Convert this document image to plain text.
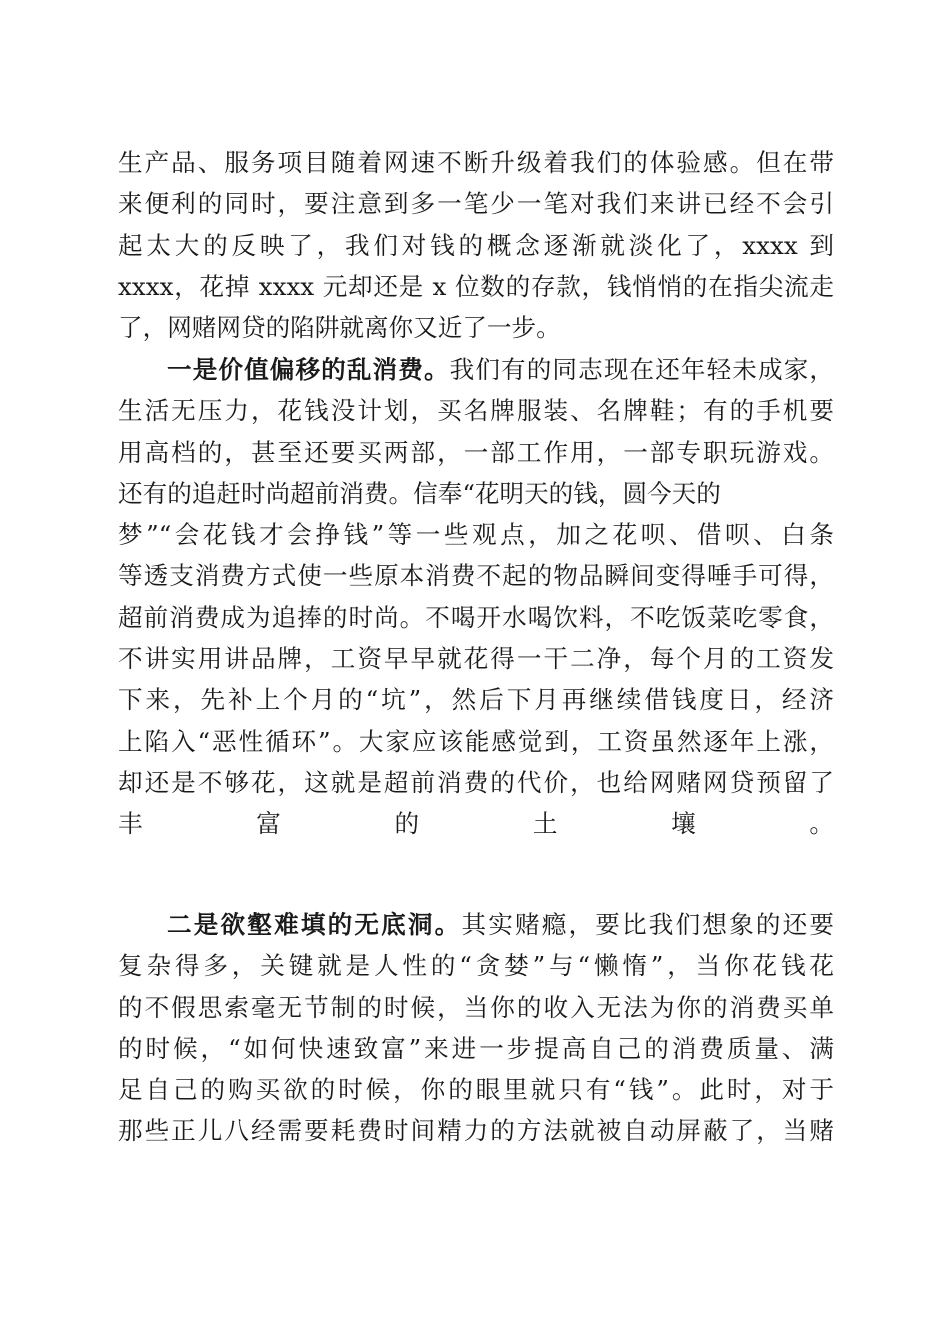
生产品、服务项目随着网速不断升级着我们的体验感。但在带
来便利的同时，要注意到多一笔少一笔对我们来讲已经不会引
起太大的反映了，我们对钱的概念逐渐就淡化了，xxxx 到
xxxx，花掉 xxxx 元却还是 x 位数的存款，钱悄悄的在指尖流走
了，网赌网贷的陷阱就离你又近了一步。
一是价值偏移的乱消费。我们有的同志现在还年轻未成家，
生活无压力，花钱没计划，买名牌服装、名牌鞋；有的手机要
用高档的，甚至还要买两部，一部工作用，一部专职玩游戏。
还有的追赶时尚超前消费。信奉“花明天的钱，圆今天的
梦”“会花钱才会挣钱”等一些观点，加之花呗、借呗、白条
等透支消费方式使一些原本消费不起的物品瞬间变得唾手可得，
超前消费成为追捧的时尚。不喝开水喝饮料，不吃饭菜吃零食，
不讲实用讲品牌，工资早早就花得一干二净，每个月的工资发
下来，先补上个月的“坑”，然后下月再继续借钱度日，经济
上陷入“恶性循环”。大家应该能感觉到，工资虽然逐年上涨，
却还是不够花，这就是超前消费的代价，也给网赌网贷预留了
丰富的土壤。
二是欲壑难填的无底洞。其实赌瘾，要比我们想象的还要
复杂得多，关键就是人性的“贪婪”与“懒惰”，当你花钱花
的不假思索毫无节制的时候，当你的收入无法为你的消费买单
的时候，“如何快速致富”来进一步提高自己的消费质量、满
足自己的购买欲的时候，你的眼里就只有“钱”。此时，对于
那些正儿八经需要耗费时间精力的方法就被自动屏蔽了，当赌
